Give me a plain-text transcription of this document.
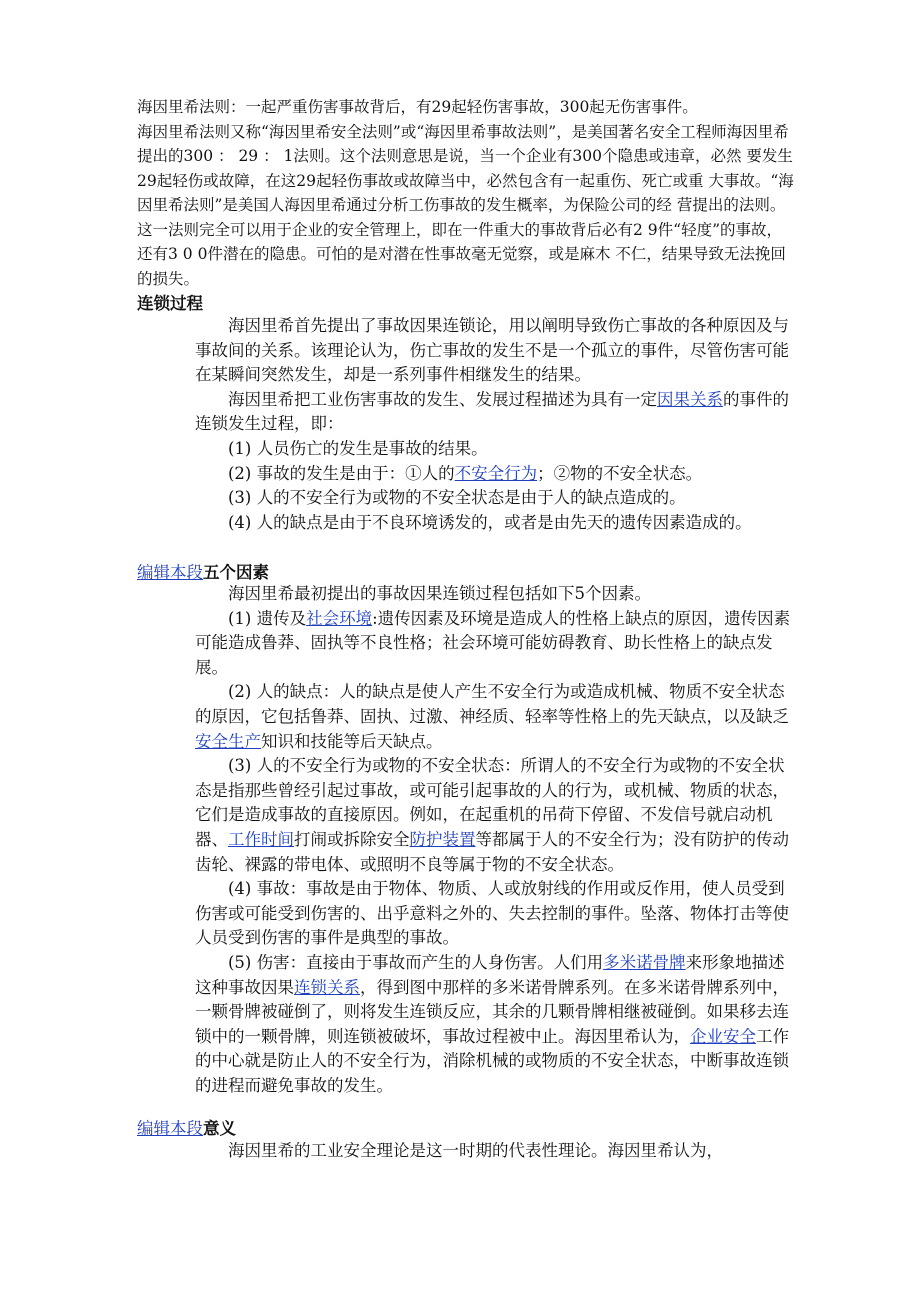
海因里希法则：一起严重伤害事故背后，有29起轻伤害事故，300起无伤害事件。

海因里希法则又称“海因里希安全法则”或“海因里希事故法则”，是美国著名安全工程师海因里希提出的300 ： 29 ： 1法则。这个法则意思是说，当一个企业有300个隐患或违章，必然 要发生29起轻伤或故障，在这29起轻伤事故或故障当中，必然包含有一起重伤、死亡或重 大事故。“海因里希法则”是美国人海因里希通过分析工伤事故的发生概率，为保险公司的经 营提出的法则。这一法则完全可以用于企业的安全管理上，即在一件重大的事故背后必有2 9件“轻度”的事故，还有3 0 0件潜在的隐患。可怕的是对潜在性事故毫无觉察，或是麻木 不仁，结果导致无法挽回的损失。

连锁过程

海因里希首先提出了事故因果连锁论，用以阐明导致伤亡事故的各种原因及与事故间的关系。该理论认为，伤亡事故的发生不是一个孤立的事件，尽管伤害可能在某瞬间突然发生，却是一系列事件相继发生的结果。

海因里希把工业伤害事故的发生、发展过程描述为具有一定因果关系的事件的连锁发生过程，即：

(1) 人员伤亡的发生是事故的结果。

(2) 事故的发生是由于：①人的不安全行为；②物的不安全状态。

(3) 人的不安全行为或物的不安全状态是由于人的缺点造成的。

(4) 人的缺点是由于不良环境诱发的，或者是由先天的遗传因素造成的。

编辑本段五个因素

海因里希最初提出的事故因果连锁过程包括如下5个因素。

(1) 遗传及社会环境:遗传因素及环境是造成人的性格上缺点的原因，遗传因素可能造成鲁莽、固执等不良性格；社会环境可能妨碍教育、助长性格上的缺点发展。

(2) 人的缺点：人的缺点是使人产生不安全行为或造成机械、物质不安全状态的原因，它包括鲁莽、固执、过激、神经质、轻率等性格上的先天缺点，以及缺乏安全生产知识和技能等后天缺点。

(3) 人的不安全行为或物的不安全状态：所谓人的不安全行为或物的不安全状态是指那些曾经引起过事故，或可能引起事故的人的行为，或机械、物质的状态，它们是造成事故的直接原因。例如，在起重机的吊荷下停留、不发信号就启动机器、工作时间打闹或拆除安全防护装置等都属于人的不安全行为；没有防护的传动齿轮、裸露的带电体、或照明不良等属于物的不安全状态。

(4) 事故：事故是由于物体、物质、人或放射线的作用或反作用，使人员受到伤害或可能受到伤害的、出乎意料之外的、失去控制的事件。坠落、物体打击等使人员受到伤害的事件是典型的事故。

(5) 伤害：直接由于事故而产生的人身伤害。人们用多米诺骨牌来形象地描述这种事故因果连锁关系，得到图中那样的多米诺骨牌系列。在多米诺骨牌系列中，一颗骨牌被碰倒了，则将发生连锁反应，其余的几颗骨牌相继被碰倒。如果移去连锁中的一颗骨牌，则连锁被破坏，事故过程被中止。海因里希认为，企业安全工作的中心就是防止人的不安全行为，消除机械的或物质的不安全状态，中断事故连锁的进程而避免事故的发生。

编辑本段意义

海因里希的工业安全理论是这一时期的代表性理论。海因里希认为，
